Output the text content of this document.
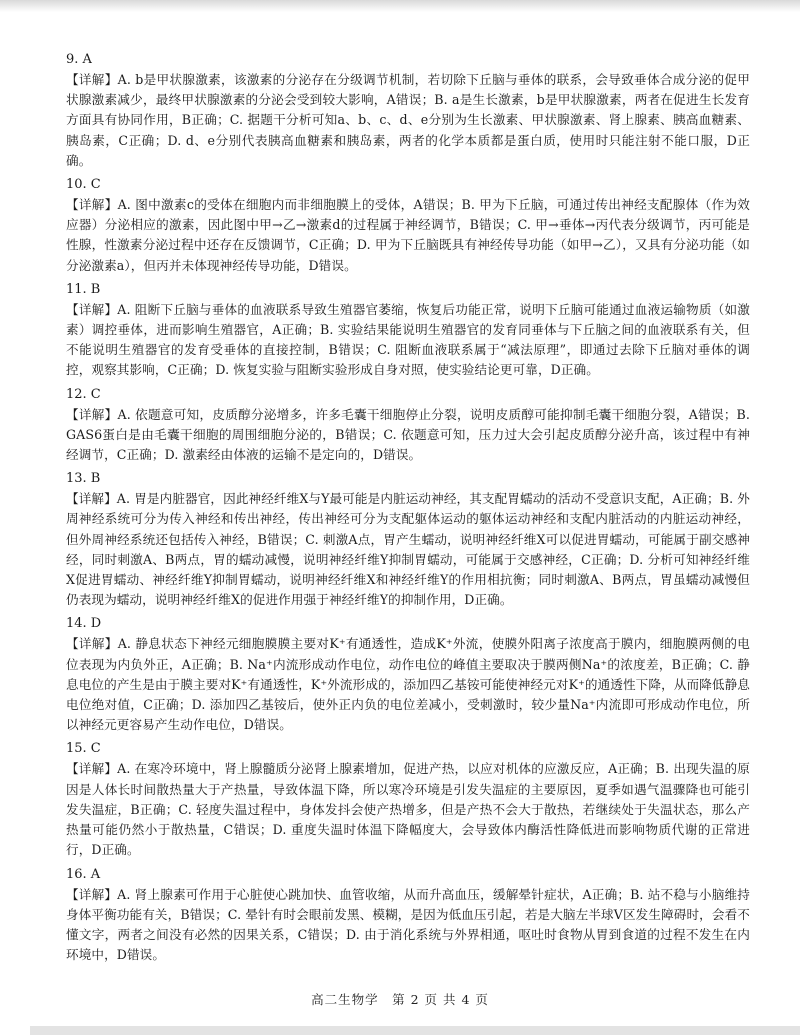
9. A
【详解】A. b是甲状腺激素，该激素的分泌存在分级调节机制，若切除下丘脑与垂体的联系，会导致垂体合成分泌的促甲状腺激素减少，最终甲状腺激素的分泌会受到较大影响，A错误；B. a是生长激素，b是甲状腺激素，两者在促进生长发育方面具有协同作用，B正确；C. 据题干分析可知a、b、c、d、e分别为生长激素、甲状腺激素、肾上腺素、胰高血糖素、胰岛素，C正确；D. d、e分别代表胰高血糖素和胰岛素，两者的化学本质都是蛋白质，使用时只能注射不能口服，D正确。
10. C
【详解】A. 图中激素c的受体在细胞内而非细胞膜上的受体，A错误；B. 甲为下丘脑，可通过传出神经支配腺体（作为效应器）分泌相应的激素，因此图中甲→乙→激素d的过程属于神经调节，B错误；C. 甲→垂体→丙代表分级调节，丙可能是性腺，性激素分泌过程中还存在反馈调节，C正确；D. 甲为下丘脑既具有神经传导功能（如甲→乙），又具有分泌功能（如分泌激素a），但丙并未体现神经传导功能，D错误。
11. B
【详解】A. 阻断下丘脑与垂体的血液联系导致生殖器官萎缩，恢复后功能正常，说明下丘脑可能通过血液运输物质（如激素）调控垂体，进而影响生殖器官，A正确；B. 实验结果能说明生殖器官的发育同垂体与下丘脑之间的血液联系有关，但不能说明生殖器官的发育受垂体的直接控制，B错误；C. 阻断血液联系属于“减法原理”，即通过去除下丘脑对垂体的调控，观察其影响，C正确；D. 恢复实验与阻断实验形成自身对照，使实验结论更可靠，D正确。
12. C
【详解】A. 依题意可知，皮质醇分泌增多，许多毛囊干细胞停止分裂，说明皮质醇可能抑制毛囊干细胞分裂，A错误；B. GAS6蛋白是由毛囊干细胞的周围细胞分泌的，B错误；C. 依题意可知，压力过大会引起皮质醇分泌升高，该过程中有神经调节，C正确；D. 激素经由体液的运输不是定向的，D错误。
13. B
【详解】A. 胃是内脏器官，因此神经纤维X与Y最可能是内脏运动神经，其支配胃蠕动的活动不受意识支配，A正确；B. 外周神经系统可分为传入神经和传出神经，传出神经可分为支配躯体运动的躯体运动神经和支配内脏活动的内脏运动神经，但外周神经系统还包括传入神经，B错误；C. 刺激A点，胃产生蠕动，说明神经纤维X可以促进胃蠕动，可能属于副交感神经，同时刺激A、B两点，胃的蠕动减慢，说明神经纤维Y抑制胃蠕动，可能属于交感神经，C正确；D. 分析可知神经纤维X促进胃蠕动、神经纤维Y抑制胃蠕动，说明神经纤维X和神经纤维Y的作用相抗衡；同时刺激A、B两点，胃虽蠕动减慢但仍表现为蠕动，说明神经纤维X的促进作用强于神经纤维Y的抑制作用，D正确。
14. D
【详解】A. 静息状态下神经元细胞膜膜主要对K⁺有通透性，造成K⁺外流，使膜外阳离子浓度高于膜内，细胞膜两侧的电位表现为内负外正，A正确；B. Na⁺内流形成动作电位，动作电位的峰值主要取决于膜两侧Na⁺的浓度差，B正确；C. 静息电位的产生是由于膜主要对K⁺有通透性，K⁺外流形成的，添加四乙基铵可能使神经元对K⁺的通透性下降，从而降低静息电位绝对值，C正确；D. 添加四乙基铵后，使外正内负的电位差减小，受刺激时，较少量Na⁺内流即可形成动作电位，所以神经元更容易产生动作电位，D错误。
15. C
【详解】A. 在寒冷环境中，肾上腺髓质分泌肾上腺素增加，促进产热，以应对机体的应激反应，A正确；B. 出现失温的原因是人体长时间散热量大于产热量，导致体温下降，所以寒冷环境是引发失温症的主要原因，夏季如遇气温骤降也可能引发失温症，B正确；C. 轻度失温过程中，身体发抖会使产热增多，但是产热不会大于散热，若继续处于失温状态，那么产热量可能仍然小于散热量，C错误；D. 重度失温时体温下降幅度大，会导致体内酶活性降低进而影响物质代谢的正常进行，D正确。
16. A
【详解】A. 肾上腺素可作用于心脏使心跳加快、血管收缩，从而升高血压，缓解晕针症状，A正确；B. 站不稳与小脑维持身体平衡功能有关，B错误；C. 晕针有时会眼前发黑、模糊，是因为低血压引起，若是大脑左半球V区发生障碍时，会看不懂文字，两者之间没有必然的因果关系，C错误；D. 由于消化系统与外界相通，呕吐时食物从胃到食道的过程不发生在内环境中，D错误。
高二生物学　第 2 页 共 4 页
